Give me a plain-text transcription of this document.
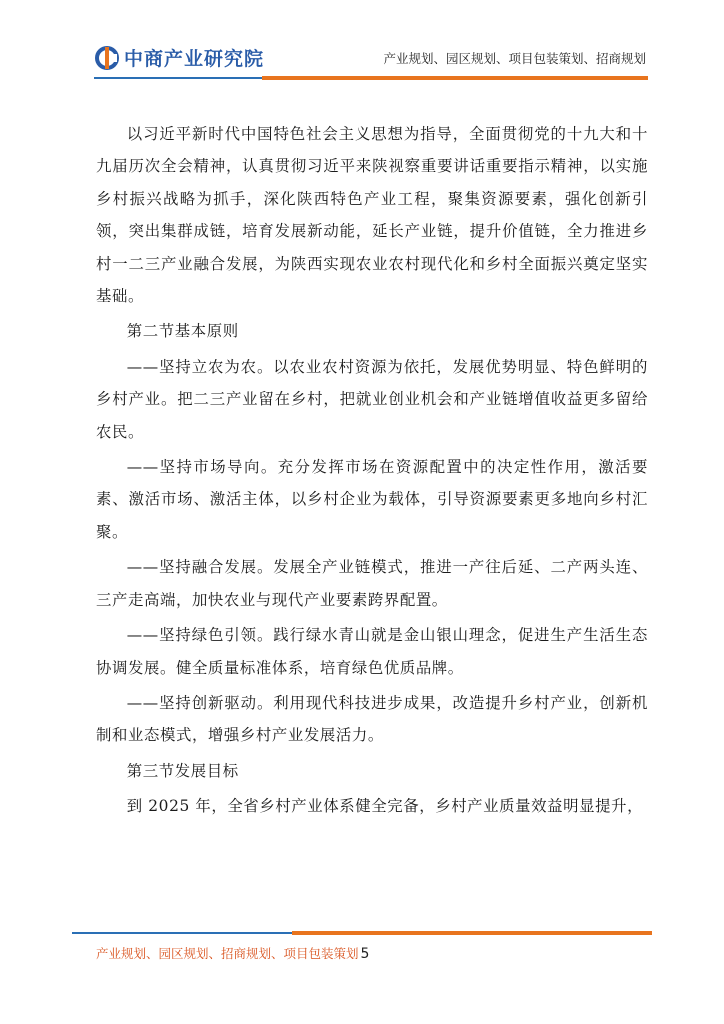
中商产业研究院	产业规划、园区规划、项目包装策划、招商规划

以习近平新时代中国特色社会主义思想为指导，全面贯彻党的十九大和十九届历次全会精神，认真贯彻习近平来陕视察重要讲话重要指示精神，以实施乡村振兴战略为抓手，深化陕西特色产业工程，聚集资源要素，强化创新引领，突出集群成链，培育发展新动能，延长产业链，提升价值链，全力推进乡村一二三产业融合发展，为陕西实现农业农村现代化和乡村全面振兴奠定坚实基础。

第二节基本原则

——坚持立农为农。以农业农村资源为依托，发展优势明显、特色鲜明的乡村产业。把二三产业留在乡村，把就业创业机会和产业链增值收益更多留给农民。

——坚持市场导向。充分发挥市场在资源配置中的决定性作用，激活要素、激活市场、激活主体，以乡村企业为载体，引导资源要素更多地向乡村汇聚。

——坚持融合发展。发展全产业链模式，推进一产往后延、二产两头连、三产走高端，加快农业与现代产业要素跨界配置。

——坚持绿色引领。践行绿水青山就是金山银山理念，促进生产生活生态协调发展。健全质量标准体系，培育绿色优质品牌。

——坚持创新驱动。利用现代科技进步成果，改造提升乡村产业，创新机制和业态模式，增强乡村产业发展活力。

第三节发展目标

到 2025 年，全省乡村产业体系健全完备，乡村产业质量效益明显提升，

产业规划、园区规划、招商规划、项目包装策划 5
